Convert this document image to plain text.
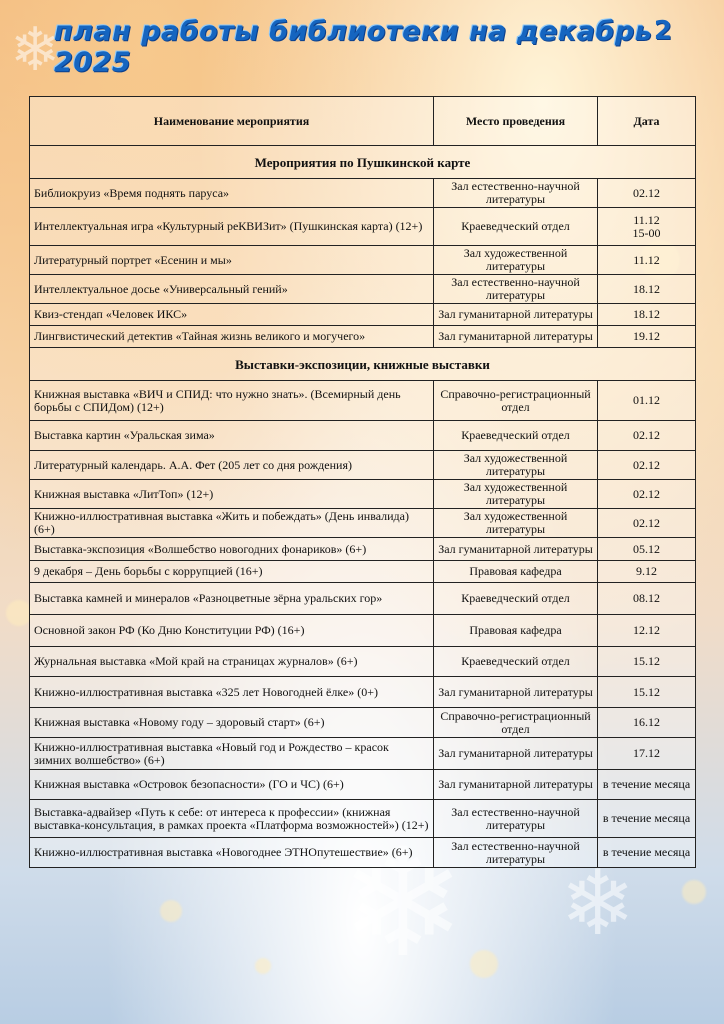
❄ ❄
❄
план работы библиотеки на декабрь 2025
2
Наименование мероприятия	Место проведения	Дата
Мероприятия по Пушкинской карте		
Библиокруиз «Время поднять паруса»	Зал естественно-научной литературы	02.12

Интеллектуальная игра «Культурный реКВИЗит» (Пушкинская карта) (12+)	Краеведческий отдел	11.12
15-00

Литературный портрет «Есенин и мы»	Зал художественной литературы	11.12

Интеллектуальное досье «Универсальный гений»	Зал естественно-научной литературы	18.12

Квиз-стендап «Человек ИКС»	Зал гуманитарной литературы	18.12

Лингвистический детектив «Тайная жизнь великого и могучего»	Зал гуманитарной литературы	19.12

Выставки-экспозиции, книжные выставки		
Книжная выставка «ВИЧ и СПИД: что нужно знать». (Всемирный день борьбы с СПИДом) (12+)	Справочно-регистрационный отдел	01.12

Выставка картин «Уральская зима»	Краеведческий отдел	02.12

Литературный календарь. А.А. Фет (205 лет со дня рождения)	Зал художественной литературы	02.12

Книжная выставка «ЛитТоп» (12+)	Зал художественной литературы	02.12

Книжно-иллюстративная выставка «Жить и побеждать» (День инвалида) (6+)	Зал художественной литературы	02.12

Выставка-экспозиция «Волшебство новогодних фонариков» (6+)	Зал гуманитарной литературы	05.12

9 декабря – День борьбы с коррупцией (16+)	Правовая кафедра	9.12

Выставка камней и минералов «Разноцветные зёрна уральских гор»	Краеведческий отдел	08.12

Основной закон РФ (Ко Дню Конституции РФ) (16+)	Правовая кафедра	12.12

Журнальная выставка «Мой край на страницах журналов» (6+)	Краеведческий отдел	15.12

Книжно-иллюстративная выставка «325 лет Новогодней ёлке» (0+)	Зал гуманитарной литературы	15.12

Книжная выставка «Новому году – здоровый старт» (6+)	Справочно-регистрационный отдел	16.12

Книжно-иллюстративная выставка «Новый год и Рождество – красок зимних волшебство» (6+)	Зал гуманитарной литературы	17.12

Книжная выставка «Островок безопасности» (ГО и ЧС) (6+)	Зал гуманитарной литературы	в течение месяца

Выставка-адвайзер «Путь к себе: от интереса к профессии» (книжная выставка-консультация, в рамках проекта «Платформа возможностей») (12+)	Зал естественно-научной литературы	в течение месяца

Книжно-иллюстративная выставка «Новогоднее ЭТНОпутешествие» (6+)	Зал естественно-научной литературы	в течение месяца
